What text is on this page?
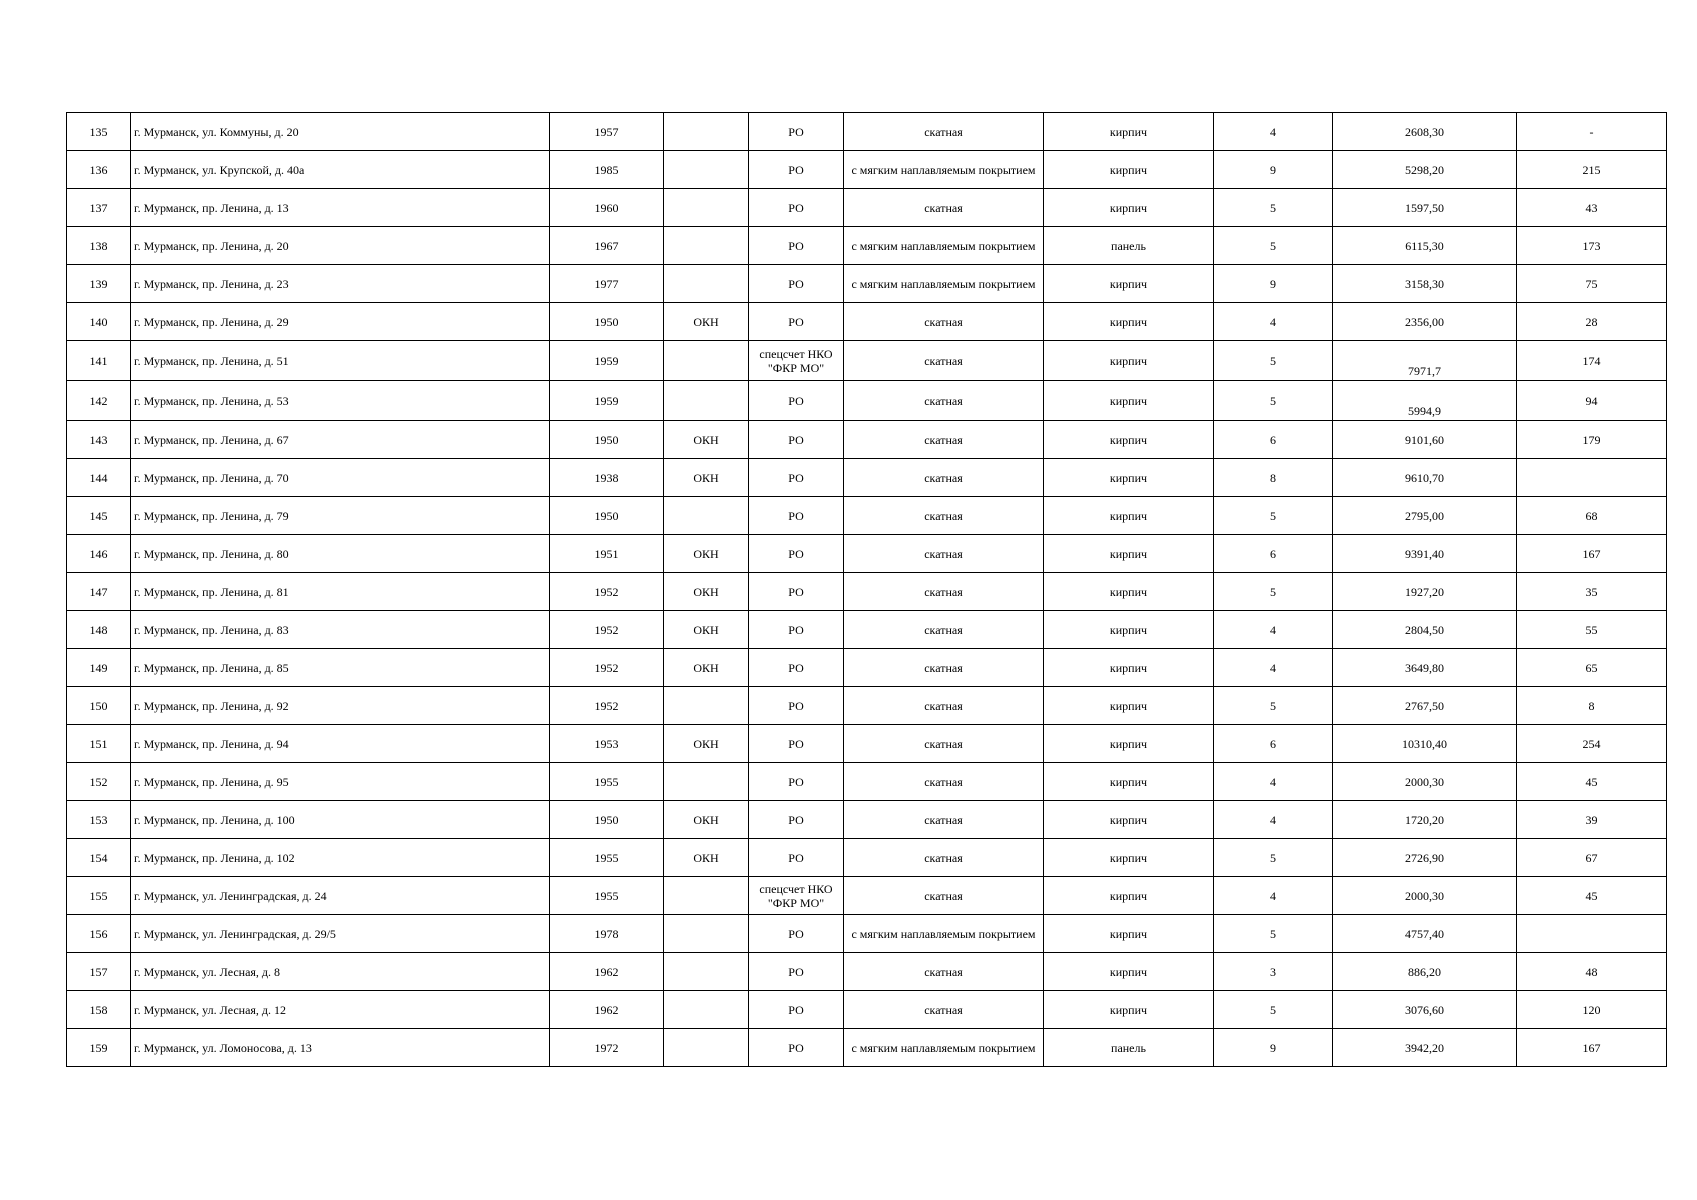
135	г. Мурманск, ул. Коммуны, д. 20	1957		РО	скатная	кирпич	4	2608,30	-
136	г. Мурманск, ул. Крупской, д. 40а	1985		РО	с мягким наплавляемым покрытием	кирпич	9	5298,20	215
137	г. Мурманск, пр. Ленина, д. 13	1960		РО	скатная	кирпич	5	1597,50	43
138	г. Мурманск, пр. Ленина, д. 20	1967		РО	с мягким наплавляемым покрытием	панель	5	6115,30	173
139	г. Мурманск, пр. Ленина, д. 23	1977		РО	с мягким наплавляемым покрытием	кирпич	9	3158,30	75
140	г. Мурманск, пр. Ленина, д. 29	1950	ОКН	РО	скатная	кирпич	4	2356,00	28
141	г. Мурманск, пр. Ленина, д. 51	1959		спецсчет НКО "ФКР МО"	скатная	кирпич	5	7971,7	174
142	г. Мурманск, пр. Ленина, д. 53	1959		РО	скатная	кирпич	5	5994,9	94
143	г. Мурманск, пр. Ленина, д. 67	1950	ОКН	РО	скатная	кирпич	6	9101,60	179
144	г. Мурманск, пр. Ленина, д. 70	1938	ОКН	РО	скатная	кирпич	8	9610,70	
145	г. Мурманск, пр. Ленина, д. 79	1950		РО	скатная	кирпич	5	2795,00	68
146	г. Мурманск, пр. Ленина, д. 80	1951	ОКН	РО	скатная	кирпич	6	9391,40	167
147	г. Мурманск, пр. Ленина, д. 81	1952	ОКН	РО	скатная	кирпич	5	1927,20	35
148	г. Мурманск, пр. Ленина, д. 83	1952	ОКН	РО	скатная	кирпич	4	2804,50	55
149	г. Мурманск, пр. Ленина, д. 85	1952	ОКН	РО	скатная	кирпич	4	3649,80	65
150	г. Мурманск, пр. Ленина, д. 92	1952		РО	скатная	кирпич	5	2767,50	8
151	г. Мурманск, пр. Ленина, д. 94	1953	ОКН	РО	скатная	кирпич	6	10310,40	254
152	г. Мурманск, пр. Ленина, д. 95	1955		РО	скатная	кирпич	4	2000,30	45
153	г. Мурманск, пр. Ленина, д. 100	1950	ОКН	РО	скатная	кирпич	4	1720,20	39
154	г. Мурманск, пр. Ленина, д. 102	1955	ОКН	РО	скатная	кирпич	5	2726,90	67
155	г. Мурманск, ул. Ленинградская, д. 24	1955		спецсчет НКО "ФКР МО"	скатная	кирпич	4	2000,30	45
156	г. Мурманск, ул. Ленинградская, д. 29/5	1978		РО	с мягким наплавляемым покрытием	кирпич	5	4757,40	
157	г. Мурманск, ул. Лесная, д. 8	1962		РО	скатная	кирпич	3	886,20	48
158	г. Мурманск, ул. Лесная, д. 12	1962		РО	скатная	кирпич	5	3076,60	120
159	г. Мурманск, ул. Ломоносова, д. 13	1972		РО	с мягким наплавляемым покрытием	панель	9	3942,20	167
